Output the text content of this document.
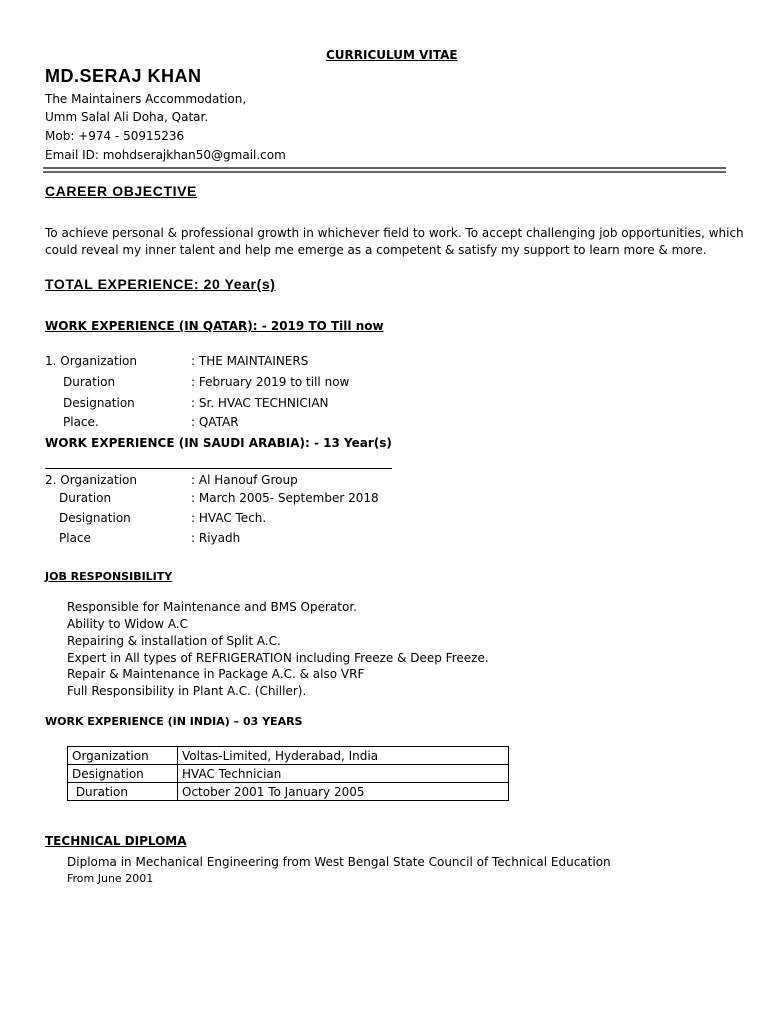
CURRICULUM VITAE
MD.SERAJ KHAN
The Maintainers Accommodation,
Umm Salal Ali Doha, Qatar.
Mob: +974 - 50915236
Email ID: mohdserajkhan50@gmail.com
CAREER OBJECTIVE
To achieve personal & professional growth in whichever field to work. To accept challenging job opportunities, which
could reveal my inner talent and help me emerge as a competent & satisfy my support to learn more & more.
TOTAL EXPERIENCE: 20 Year(s)
WORK EXPERIENCE (IN QATAR): - 2019 TO Till now
1. Organization	: THE MAINTAINERS
Duration	: February 2019 to till now
Designation	: Sr. HVAC TECHNICIAN
Place.	: QATAR
WORK EXPERIENCE (IN SAUDI ARABIA): - 13 Year(s)
2. Organization	: Al Hanouf Group
Duration	: March 2005- September 2018
Designation	: HVAC Tech.
Place	: Riyadh
JOB RESPONSIBILITY
Responsible for Maintenance and BMS Operator.
Ability to Widow A.C
Repairing & installation of Split A.C.
Expert in All types of REFRIGERATION including Freeze & Deep Freeze.
Repair & Maintenance in Package A.C. & also VRF
Full Responsibility in Plant A.C. (Chiller).
WORK EXPERIENCE (IN INDIA) – 03 YEARS
Organization	Voltas-Limited, Hyderabad, India
Designation	HVAC Technician
Duration	October 2001 To January 2005
TECHNICAL DIPLOMA
Diploma in Mechanical Engineering from West Bengal State Council of Technical Education
From June 2001
